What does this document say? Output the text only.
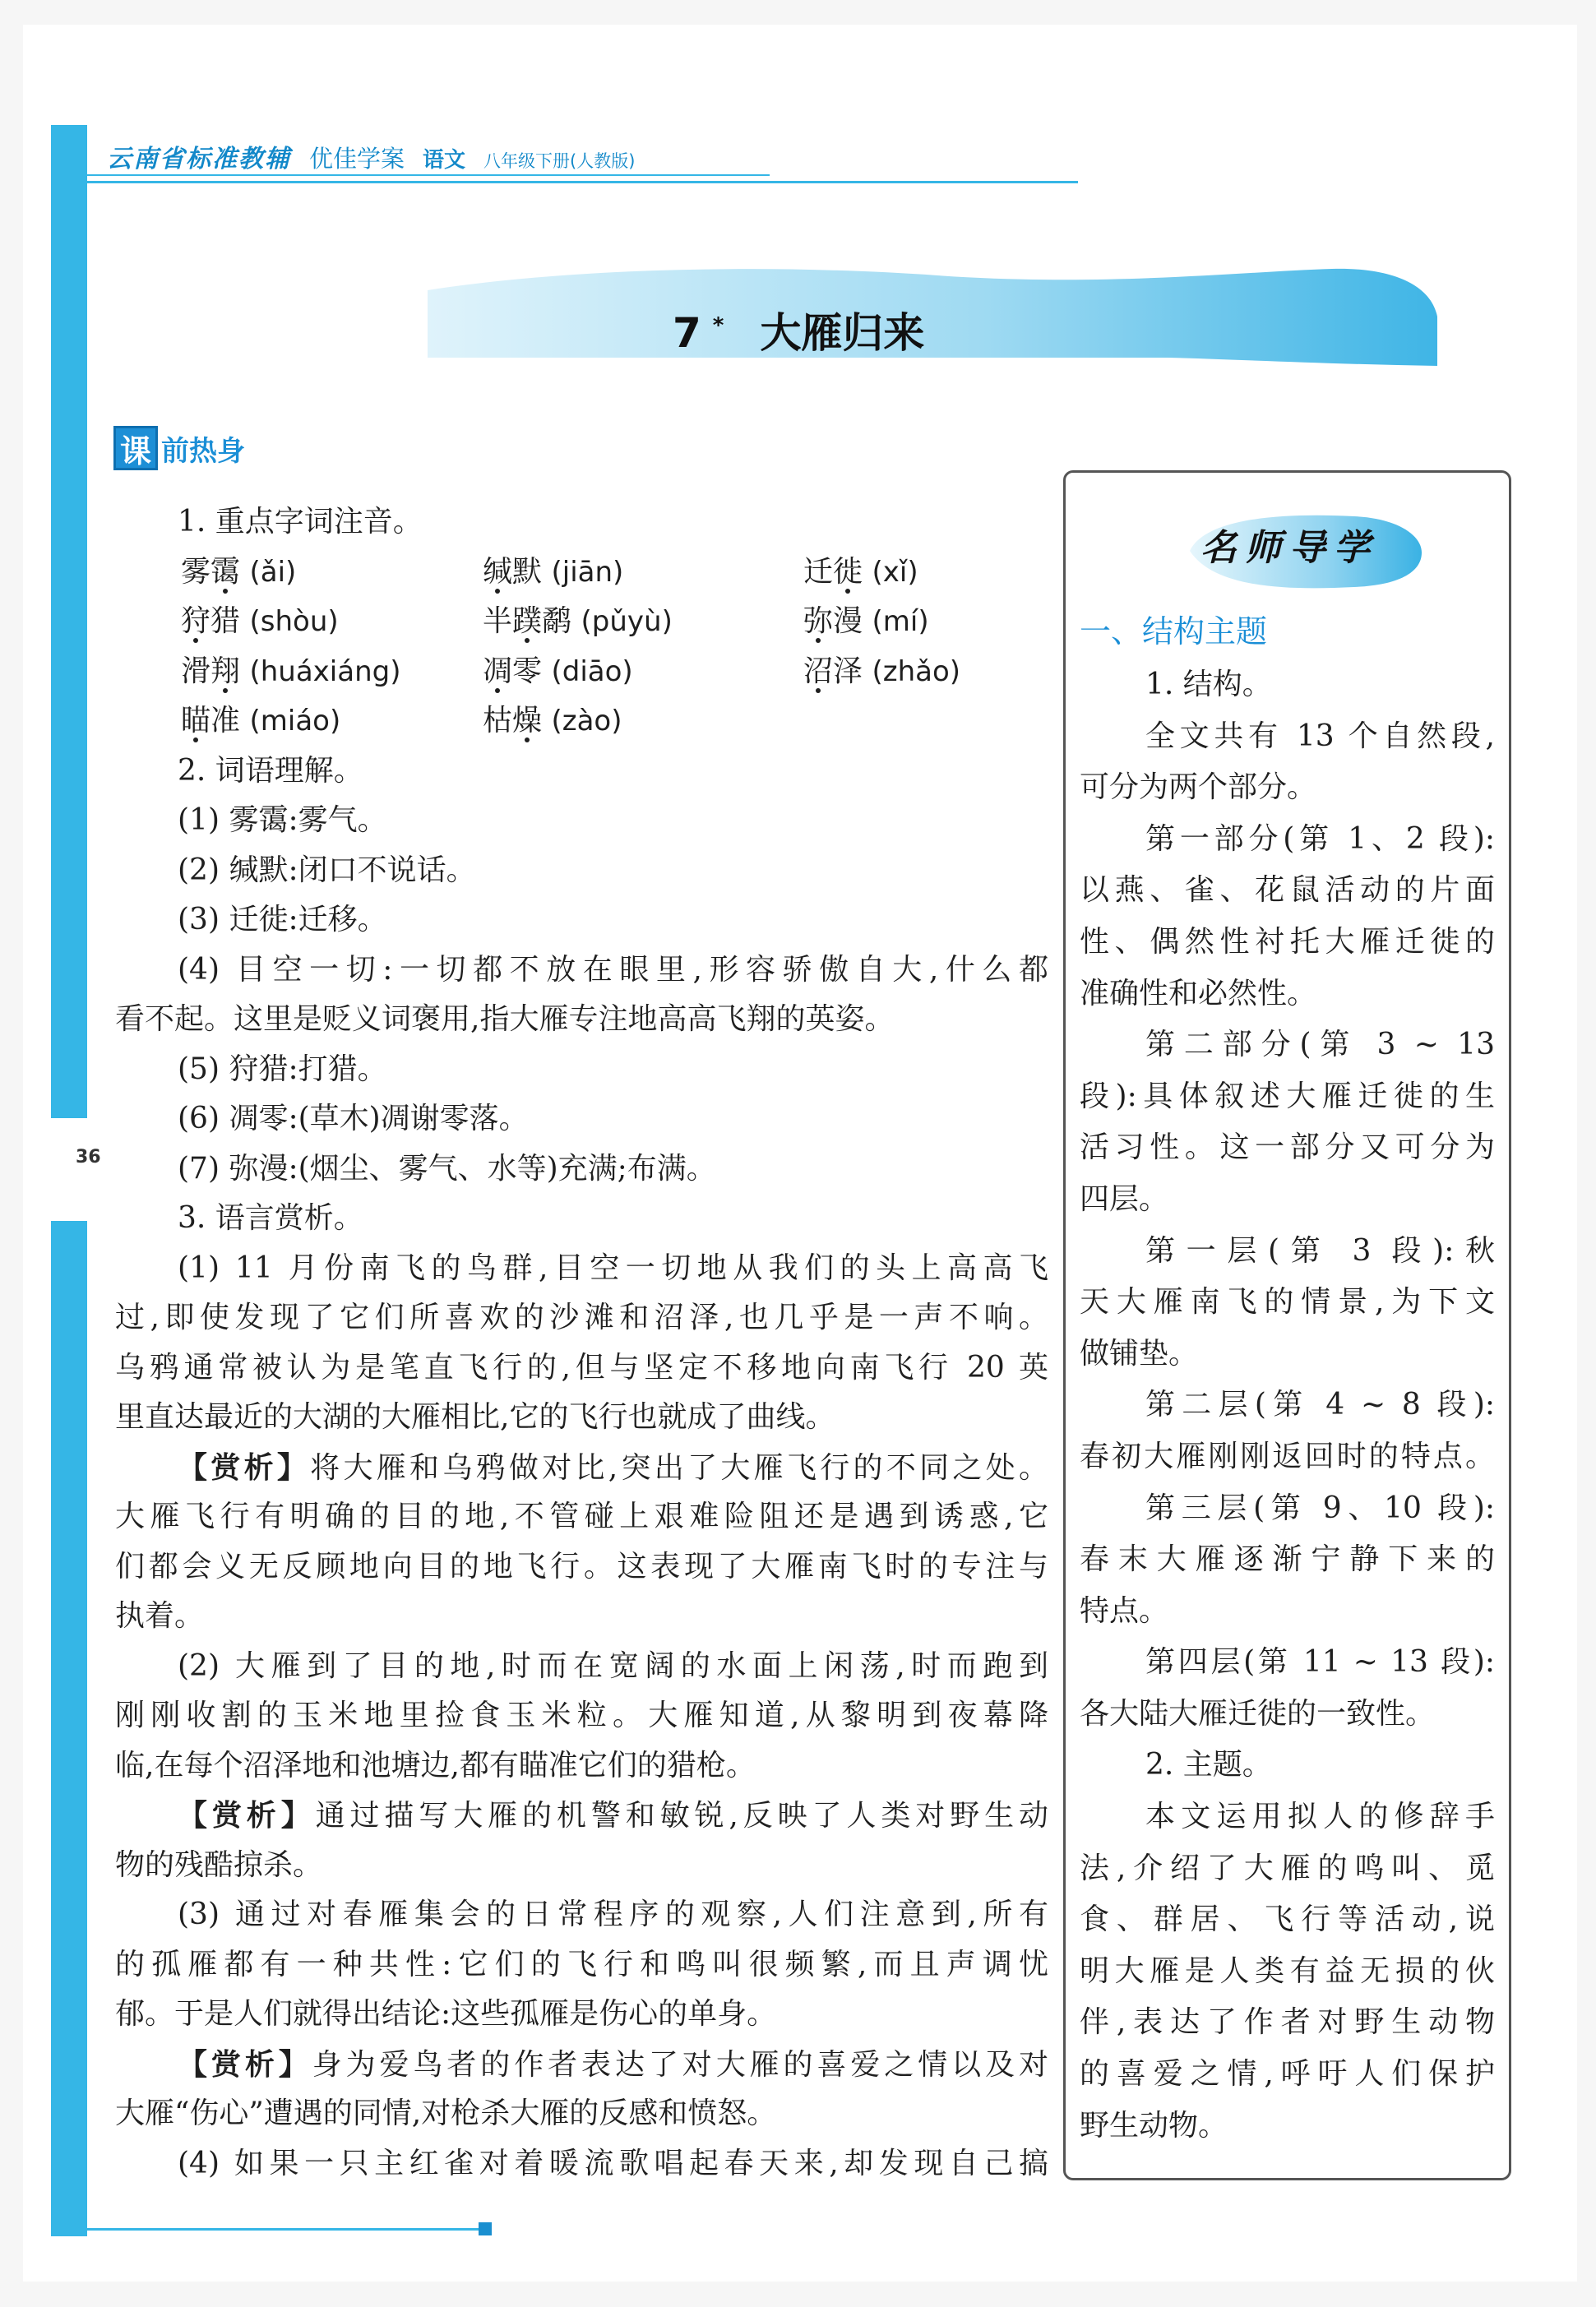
36
云南省标准教辅 优佳学案 语文 八年级下册(人教版)
7 * 大雁归来
课 前热身
1. 重点字词注音。
雾霭 (ǎi)	缄默 (jiān)	迁徙 (xǐ)
狩猎 (shòu)	半蹼鹬 (pǔyù)	弥漫 (mí)
滑翔 (huáxiáng)	凋零 (diāo)	沼泽 (zhǎo)
瞄准 (miáo)	枯燥 (zào)
2. 词语理解。
(1) 雾霭:雾气。
(2) 缄默:闭口不说话。
(3) 迁徙:迁移。
(4) 目空一切:一切都不放在眼里,形容骄傲自大,什么都
看不起。这里是贬义词褒用,指大雁专注地高高飞翔的英姿。
(5) 狩猎:打猎。
(6) 凋零:(草木)凋谢零落。
(7) 弥漫:(烟尘、雾气、水等)充满;布满。
3. 语言赏析。
(1) 11 月份南飞的鸟群,目空一切地从我们的头上高高飞
过,即使发现了它们所喜欢的沙滩和沼泽,也几乎是一声不响。
乌鸦通常被认为是笔直飞行的,但与坚定不移地向南飞行 20 英
里直达最近的大湖的大雁相比,它的飞行也就成了曲线。
【赏析】将大雁和乌鸦做对比,突出了大雁飞行的不同之处。
大雁飞行有明确的目的地,不管碰上艰难险阻还是遇到诱惑,它
们都会义无反顾地向目的地飞行。这表现了大雁南飞时的专注与
执着。
(2) 大雁到了目的地,时而在宽阔的水面上闲荡,时而跑到
刚刚收割的玉米地里捡食玉米粒。大雁知道,从黎明到夜幕降
临,在每个沼泽地和池塘边,都有瞄准它们的猎枪。
【赏析】通过描写大雁的机警和敏锐,反映了人类对野生动
物的残酷掠杀。
(3) 通过对春雁集会的日常程序的观察,人们注意到,所有
的孤雁都有一种共性:它们的飞行和鸣叫很频繁,而且声调忧
郁。于是人们就得出结论:这些孤雁是伤心的单身。
【赏析】身为爱鸟者的作者表达了对大雁的喜爱之情以及对
大雁“伤心”遭遇的同情,对枪杀大雁的反感和愤怒。
(4) 如果一只主红雀对着暖流歌唱起春天来,却发现自己搞
名师导学
一、结构主题
1. 结构。
全文共有 13 个自然段,
可分为两个部分。
第一部分(第 1、2 段):
以燕、雀、花鼠活动的片面
性、偶然性衬托大雁迁徙的
准确性和必然性。
第二部分(第 3 ~ 13
段):具体叙述大雁迁徙的生
活习性。这一部分又可分为
四层。
第一层(第 3 段):秋
天大雁南飞的情景,为下文
做铺垫。
第二层(第 4 ~ 8 段):
春初大雁刚刚返回时的特点。
第三层(第 9、10 段):
春末大雁逐渐宁静下来的
特点。
第四层(第 11 ~ 13 段):
各大陆大雁迁徙的一致性。
2. 主题。
本文运用拟人的修辞手
法,介绍了大雁的鸣叫、觅
食、群居、飞行等活动,说
明大雁是人类有益无损的伙
伴,表达了作者对野生动物
的喜爱之情,呼吁人们保护
野生动物。
